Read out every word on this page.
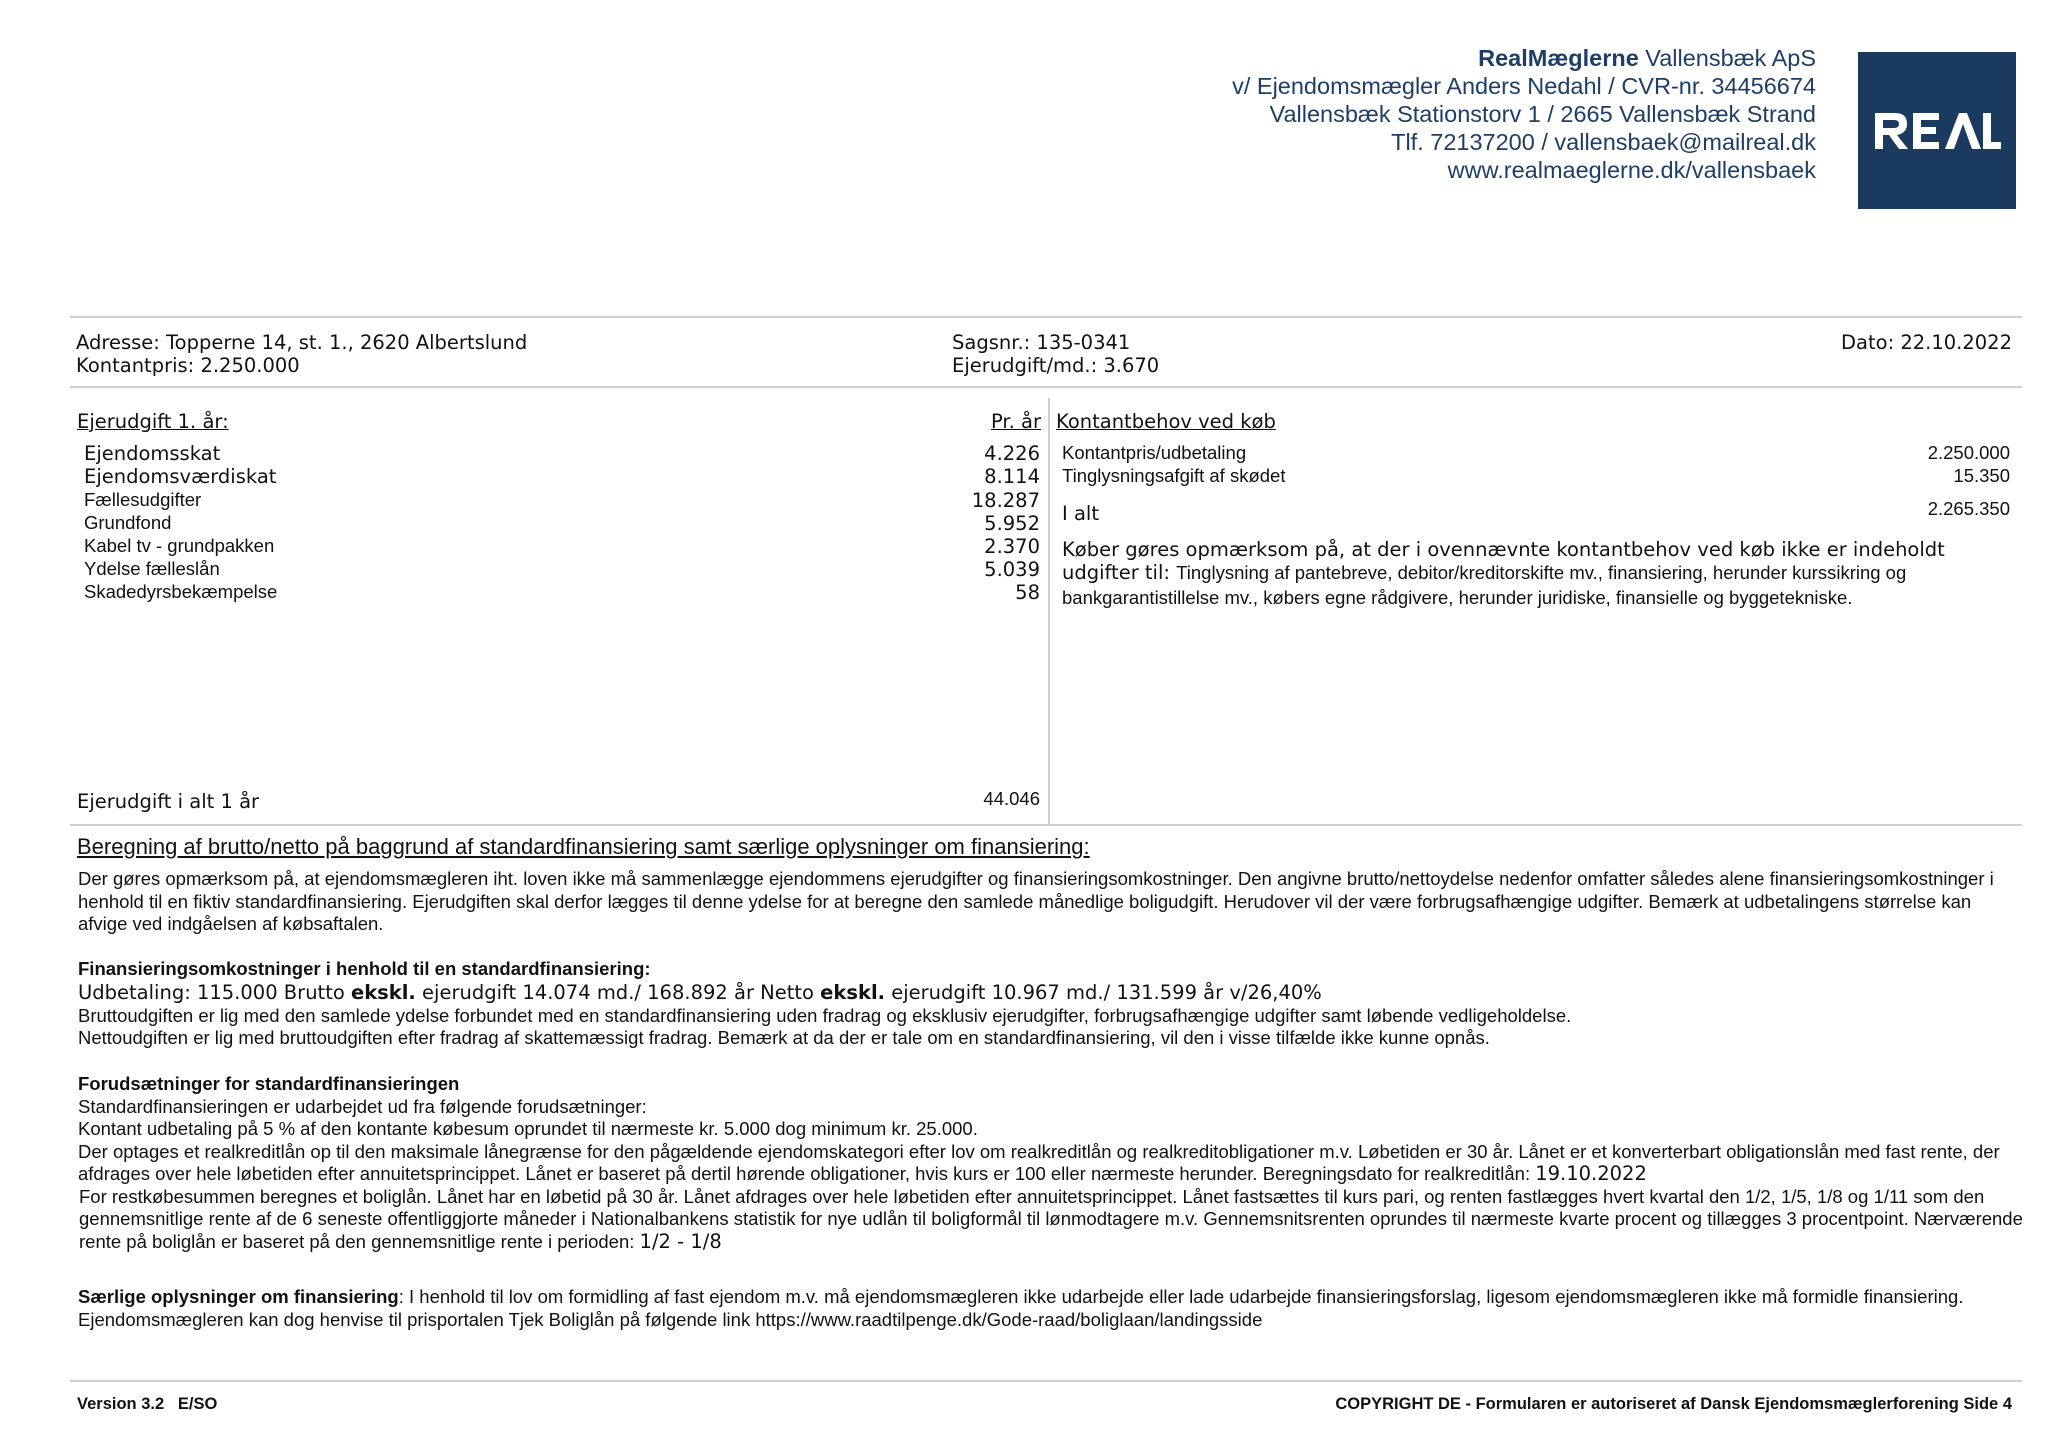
RealMæglerne Vallensbæk ApS
v/ Ejendomsmægler Anders Nedahl / CVR-nr. 34456674
Vallensbæk Stationstorv 1 / 2665 Vallensbæk Strand
Tlf. 72137200 / vallensbaek@mailreal.dk
www.realmaeglerne.dk/vallensbaek
Adresse: Topperne 14, st. 1., 2620 Albertslund
Kontantpris: 2.250.000
Sagsnr.: 135-0341
Ejerudgift/md.: 3.670
Dato: 22.10.2022
Ejerudgift 1. år:	Pr. år
Ejendomsskat	4.226
Ejendomsværdiskat	8.114
Fællesudgifter	18.287
Grundfond	5.952
Kabel tv - grundpakken	2.370
Ydelse fælleslån	5.039
Skadedyrsbekæmpelse	58
Ejerudgift i alt 1 år	44.046
Kontantbehov ved køb
Kontantpris/udbetaling	2.250.000
Tinglysningsafgift af skødet	15.350
I alt	2.265.350
Køber gøres opmærksom på, at der i ovennævnte kontantbehov ved køb ikke er indeholdt
udgifter til: Tinglysning af pantebreve, debitor/kreditorskifte mv., finansiering, herunder kurssikring og
bankgarantistillelse mv., købers egne rådgivere, herunder juridiske, finansielle og byggetekniske.
Beregning af brutto/netto på baggrund af standardfinansiering samt særlige oplysninger om finansiering:
Der gøres opmærksom på, at ejendomsmægleren iht. loven ikke må sammenlægge ejendommens ejerudgifter og finansieringsomkostninger. Den angivne brutto/nettoydelse nedenfor omfatter således alene finansieringsomkostninger i henhold til en fiktiv standardfinansiering. Ejerudgiften skal derfor lægges til denne ydelse for at beregne den samlede månedlige boligudgift. Herudover vil der være forbrugsafhængige udgifter. Bemærk at udbetalingens størrelse kan afvige ved indgåelsen af købsaftalen.

Finansieringsomkostninger i henhold til en standardfinansiering:

Udbetaling: 115.000 Brutto ekskl. ejerudgift 14.074 md./ 168.892 år Netto ekskl. ejerudgift 10.967 md./ 131.599 år v/26,40%

Bruttoudgiften er lig med den samlede ydelse forbundet med en standardfinansiering uden fradrag og eksklusiv ejerudgifter, forbrugsafhængige udgifter samt løbende vedligeholdelse.

Nettoudgiften er lig med bruttoudgiften efter fradrag af skattemæssigt fradrag. Bemærk at da der er tale om en standardfinansiering, vil den i visse tilfælde ikke kunne opnås.

Forudsætninger for standardfinansieringen

Standardfinansieringen er udarbejdet ud fra følgende forudsætninger:

Kontant udbetaling på 5 % af den kontante købesum oprundet til nærmeste kr. 5.000 dog minimum kr. 25.000.

Der optages et realkreditlån op til den maksimale lånegrænse for den pågældende ejendomskategori efter lov om realkreditlån og realkreditobligationer m.v. Løbetiden er 30 år. Lånet er et konverterbart obligationslån med fast rente, der afdrages over hele løbetiden efter annuitetsprincippet. Lånet er baseret på dertil hørende obligationer, hvis kurs er 100 eller nærmeste herunder. Beregningsdato for realkreditlån: 19.10.2022

For restkøbesummen beregnes et boliglån. Lånet har en løbetid på 30 år. Lånet afdrages over hele løbetiden efter annuitetsprincippet. Lånet fastsættes til kurs pari, og renten fastlægges hvert kvartal den 1/2, 1/5, 1/8 og 1/11 som den gennemsnitlige rente af de 6 seneste offentliggjorte måneder i Nationalbankens statistik for nye udlån til boligformål til lønmodtagere m.v. Gennemsnitsrenten oprundes til nærmeste kvarte procent og tillægges 3 procentpoint. Nærværende rente på boliglån er baseret på den gennemsnitlige rente i perioden: 1/2 - 1/8

Særlige oplysninger om finansiering: I henhold til lov om formidling af fast ejendom m.v. må ejendomsmægleren ikke udarbejde eller lade udarbejde finansieringsforslag, ligesom ejendomsmægleren ikke må formidle finansiering. Ejendomsmægleren kan dog henvise til prisportalen Tjek Boliglån på følgende link https://www.raadtilpenge.dk/Gode-raad/boliglaan/landingsside

Version 3.2   E/SO	COPYRIGHT DE - Formularen er autoriseret af Dansk Ejendomsmæglerforening Side 4
